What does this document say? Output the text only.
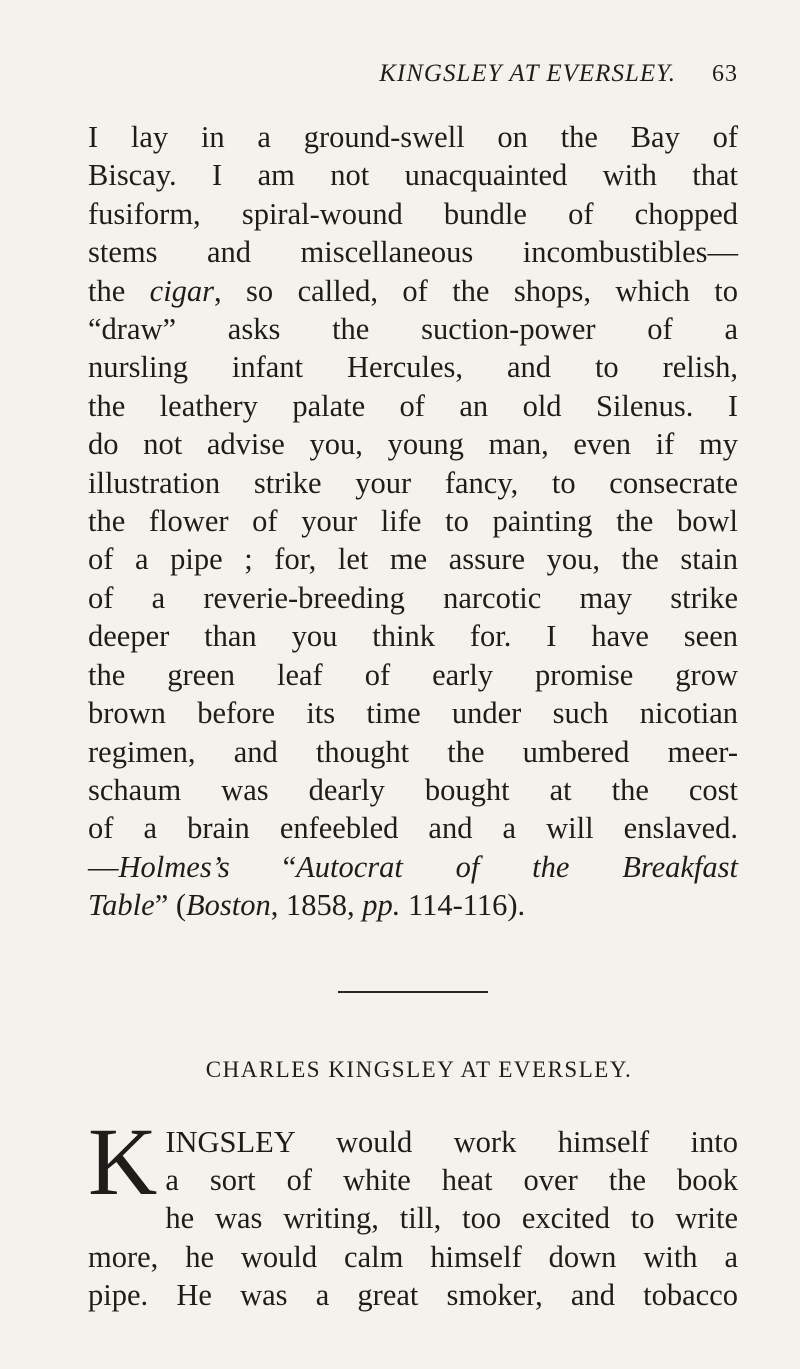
KINGSLEY AT EVERSLEY. 63
I lay in a ground-swell on the Bay of
Biscay. I am not unacquainted with that
fusiform, spiral-wound bundle of chopped
stems and miscellaneous incombustibles—
the cigar, so called, of the shops, which to
“draw” asks the suction-power of a
nursling infant Hercules, and to relish,
the leathery palate of an old Silenus. I
do not advise you, young man, even if my
illustration strike your fancy, to consecrate
the flower of your life to painting the bowl
of a pipe ; for, let me assure you, the stain
of a reverie-breeding narcotic may strike
deeper than you think for. I have seen
the green leaf of early promise grow
brown before its time under such nicotian
regimen, and thought the umbered meer-
schaum was dearly bought at the cost
of a brain enfeebled and a will enslaved.
—Holmes’s “Autocrat of the Breakfast
Table” (Boston, 1858, pp. 114-116).
CHARLES KINGSLEY AT EVERSLEY.
K INGSLEY would work himself into
a sort of white heat over the book
he was writing, till, too excited to write
more, he would calm himself down with a
pipe. He was a great smoker, and tobacco
